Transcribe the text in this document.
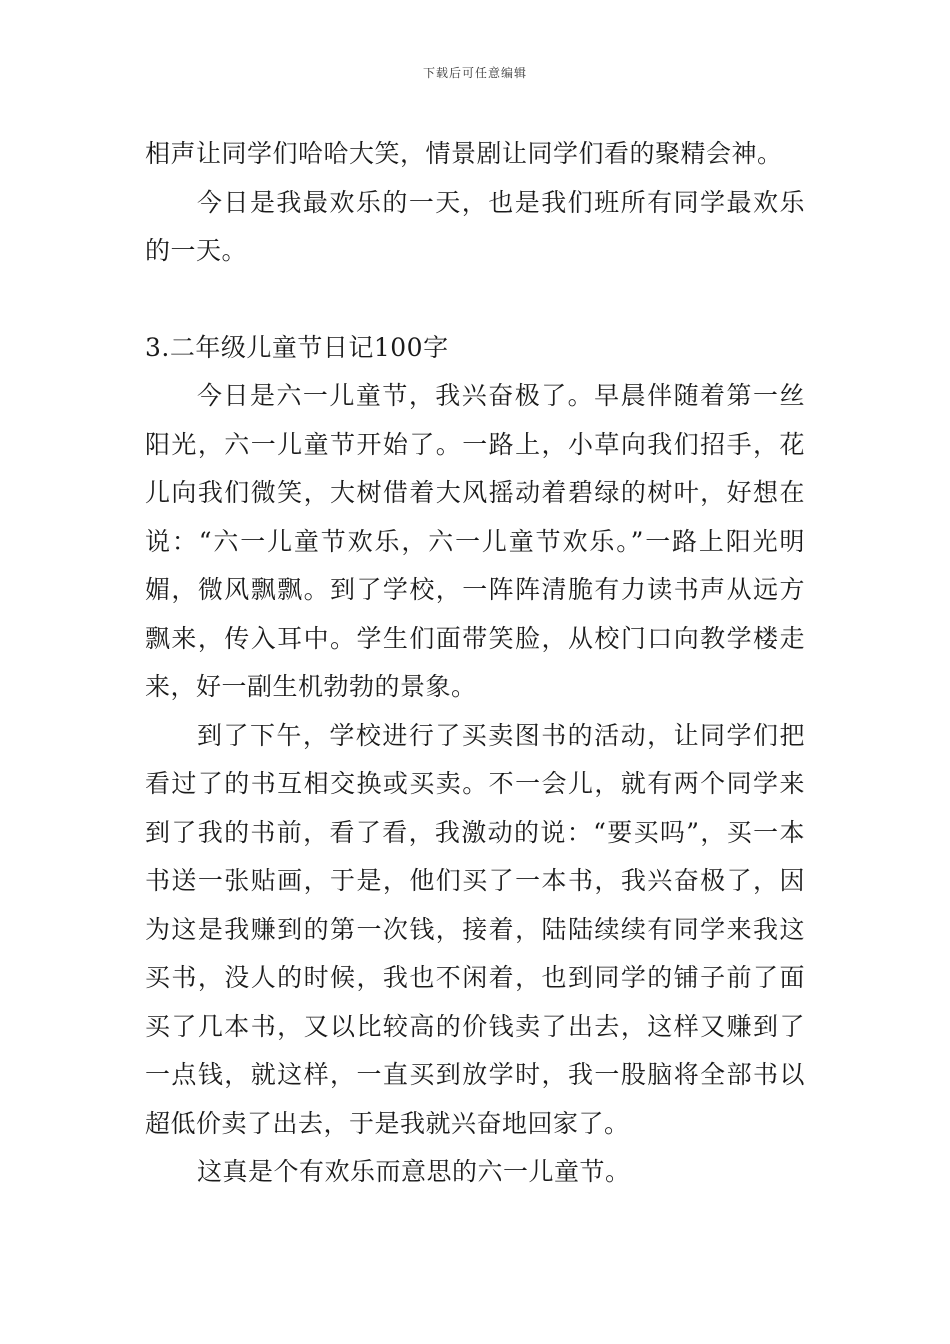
下载后可任意编辑

相声让同学们哈哈大笑，情景剧让同学们看的聚精会神。

今日是我最欢乐的一天，也是我们班所有同学最欢乐的一天。

3.二年级儿童节日记100字

今日是六一儿童节，我兴奋极了。早晨伴随着第一丝阳光，六一儿童节开始了。一路上，小草向我们招手，花儿向我们微笑，大树借着大风摇动着碧绿的树叶，好想在说：“六一儿童节欢乐，六一儿童节欢乐。”一路上阳光明媚，微风飘飘。到了学校，一阵阵清脆有力读书声从远方飘来，传入耳中。学生们面带笑脸，从校门口向教学楼走来，好一副生机勃勃的景象。

到了下午，学校进行了买卖图书的活动，让同学们把看过了的书互相交换或买卖。不一会儿，就有两个同学来到了我的书前，看了看，我激动的说：“要买吗”，买一本书送一张贴画，于是，他们买了一本书，我兴奋极了，因为这是我赚到的第一次钱，接着，陆陆续续有同学来我这买书，没人的时候，我也不闲着，也到同学的铺子前了面买了几本书，又以比较高的价钱卖了出去，这样又赚到了一点钱，就这样，一直买到放学时，我一股脑将全部书以超低价卖了出去，于是我就兴奋地回家了。

这真是个有欢乐而意思的六一儿童节。
